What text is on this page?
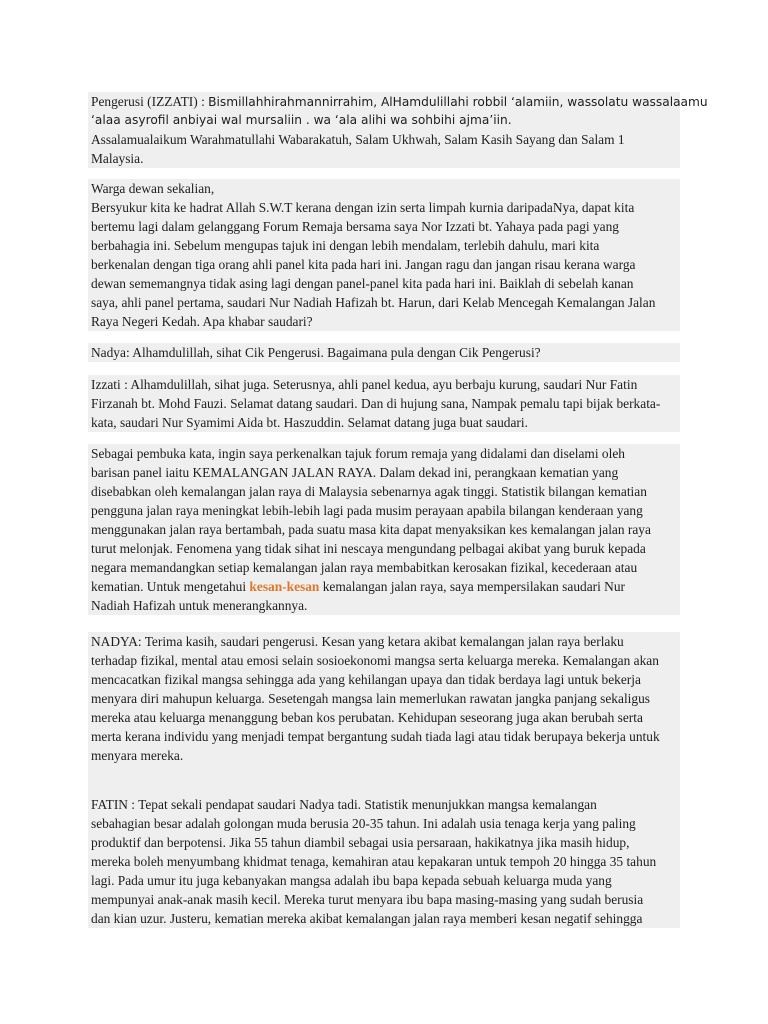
Pengerusi (IZZATI) : Bismillahhirahmannirrahim, AlHamdulillahi robbil ‘alamiin, wassolatu wassalaamu
‘alaa asyrofil anbiyai wal mursaliin . wa ‘ala alihi wa sohbihi ajma’iin.
Assalamualaikum Warahmatullahi Wabarakatuh, Salam Ukhwah, Salam Kasih Sayang dan Salam 1
Malaysia.
Warga dewan sekalian,
Bersyukur kita ke hadrat Allah S.W.T kerana dengan izin serta limpah kurnia daripadaNya, dapat kita
bertemu lagi dalam gelanggang Forum Remaja bersama saya Nor Izzati bt. Yahaya pada pagi yang
berbahagia ini. Sebelum mengupas tajuk ini dengan lebih mendalam, terlebih dahulu, mari kita
berkenalan dengan tiga orang ahli panel kita pada hari ini. Jangan ragu dan jangan risau kerana warga
dewan sememangnya tidak asing lagi dengan panel-panel kita pada hari ini. Baiklah di sebelah kanan
saya, ahli panel pertama, saudari Nur Nadiah Hafizah bt. Harun, dari Kelab Mencegah Kemalangan Jalan
Raya Negeri Kedah. Apa khabar saudari?
Nadya: Alhamdulillah, sihat Cik Pengerusi. Bagaimana pula dengan Cik Pengerusi?
Izzati : Alhamdulillah, sihat juga. Seterusnya, ahli panel kedua, ayu berbaju kurung, saudari Nur Fatin
Firzanah bt. Mohd Fauzi. Selamat datang saudari. Dan di hujung sana, Nampak pemalu tapi bijak berkata-
kata, saudari Nur Syamimi Aida bt. Haszuddin. Selamat datang juga buat saudari.
Sebagai pembuka kata, ingin saya perkenalkan tajuk forum remaja yang didalami dan diselami oleh
barisan panel iaitu KEMALANGAN JALAN RAYA. Dalam dekad ini, perangkaan kematian yang
disebabkan oleh kemalangan jalan raya di Malaysia sebenarnya agak tinggi. Statistik bilangan kematian
pengguna jalan raya meningkat lebih-lebih lagi pada musim perayaan apabila bilangan kenderaan yang
menggunakan jalan raya bertambah, pada suatu masa kita dapat menyaksikan kes kemalangan jalan raya
turut melonjak. Fenomena yang tidak sihat ini nescaya mengundang pelbagai akibat yang buruk kepada
negara memandangkan setiap kemalangan jalan raya membabitkan kerosakan fizikal, kecederaan atau
kematian. Untuk mengetahui kesan-kesan kemalangan jalan raya, saya mempersilakan saudari Nur
Nadiah Hafizah untuk menerangkannya.
NADYA: Terima kasih, saudari pengerusi. Kesan yang ketara akibat kemalangan jalan raya berlaku
terhadap fizikal, mental atau emosi selain sosioekonomi mangsa serta keluarga mereka. Kemalangan akan
mencacatkan fizikal mangsa sehingga ada yang kehilangan upaya dan tidak berdaya lagi untuk bekerja
menyara diri mahupun keluarga. Sesetengah mangsa lain memerlukan rawatan jangka panjang sekaligus
mereka atau keluarga menanggung beban kos perubatan. Kehidupan seseorang juga akan berubah serta
merta kerana individu yang menjadi tempat bergantung sudah tiada lagi atau tidak berupaya bekerja untuk
menyara mereka.
FATIN : Tepat sekali pendapat saudari Nadya tadi. Statistik menunjukkan mangsa kemalangan
sebahagian besar adalah golongan muda berusia 20-35 tahun. Ini adalah usia tenaga kerja yang paling
produktif dan berpotensi. Jika 55 tahun diambil sebagai usia persaraan, hakikatnya jika masih hidup,
mereka boleh menyumbang khidmat tenaga, kemahiran atau kepakaran untuk tempoh 20 hingga 35 tahun
lagi. Pada umur itu juga kebanyakan mangsa adalah ibu bapa kepada sebuah keluarga muda yang
mempunyai anak-anak masih kecil. Mereka turut menyara ibu bapa masing-masing yang sudah berusia
dan kian uzur. Justeru, kematian mereka akibat kemalangan jalan raya memberi kesan negatif sehingga
